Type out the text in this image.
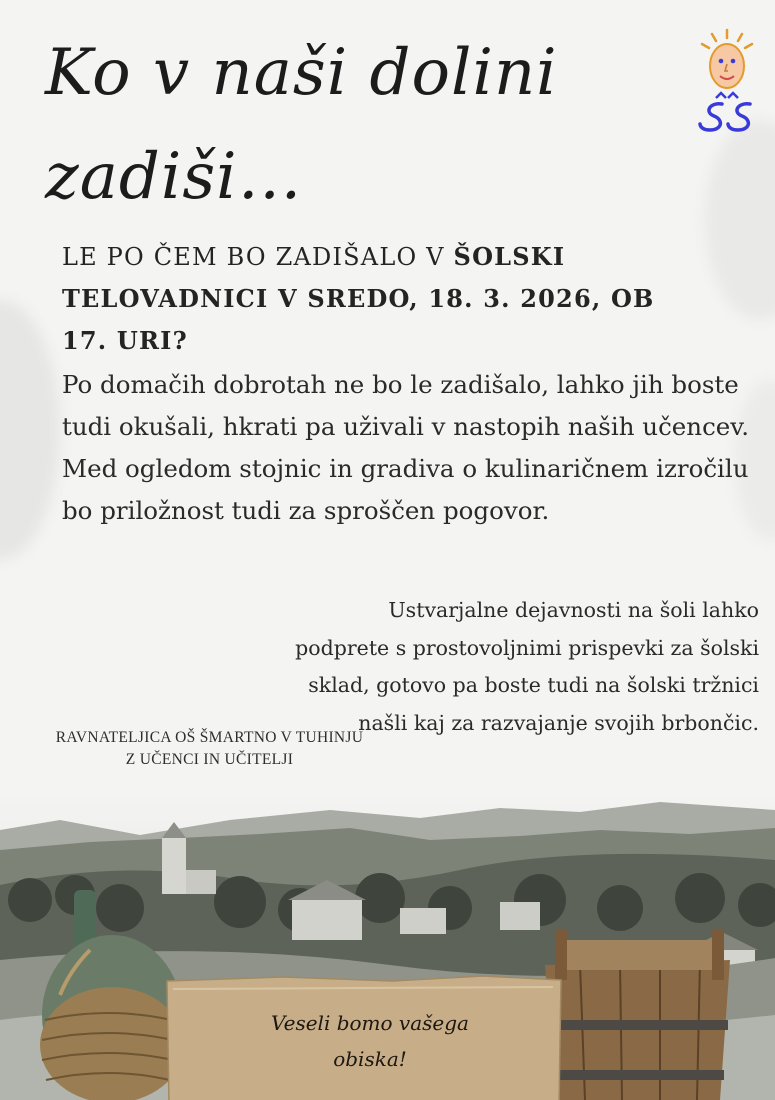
Ko v naši dolini
zadiši…

LE PO ČEM BO ZADIŠALO V ŠOLSKI TELOVADNICI V SREDO, 18. 3. 2026, OB 17. URI?

Po domačih dobrotah ne bo le zadišalo, lahko jih boste tudi okušali, hkrati pa uživali v nastopih naših učencev. Med ogledom stojnic in gradiva o kulinaričnem izročilu bo priložnost tudi za sproščen pogovor.

Ustvarjalne dejavnosti na šoli lahko podprete s prostovoljnimi prispevki za šolski sklad, gotovo pa boste tudi na šolski tržnici našli kaj za razvajanje svojih brbončic.

RAVNATELJICA OŠ ŠMARTNO V TUHINJU
Z UČENCI IN UČITELJI

Veseli bomo vašega
obiska!
